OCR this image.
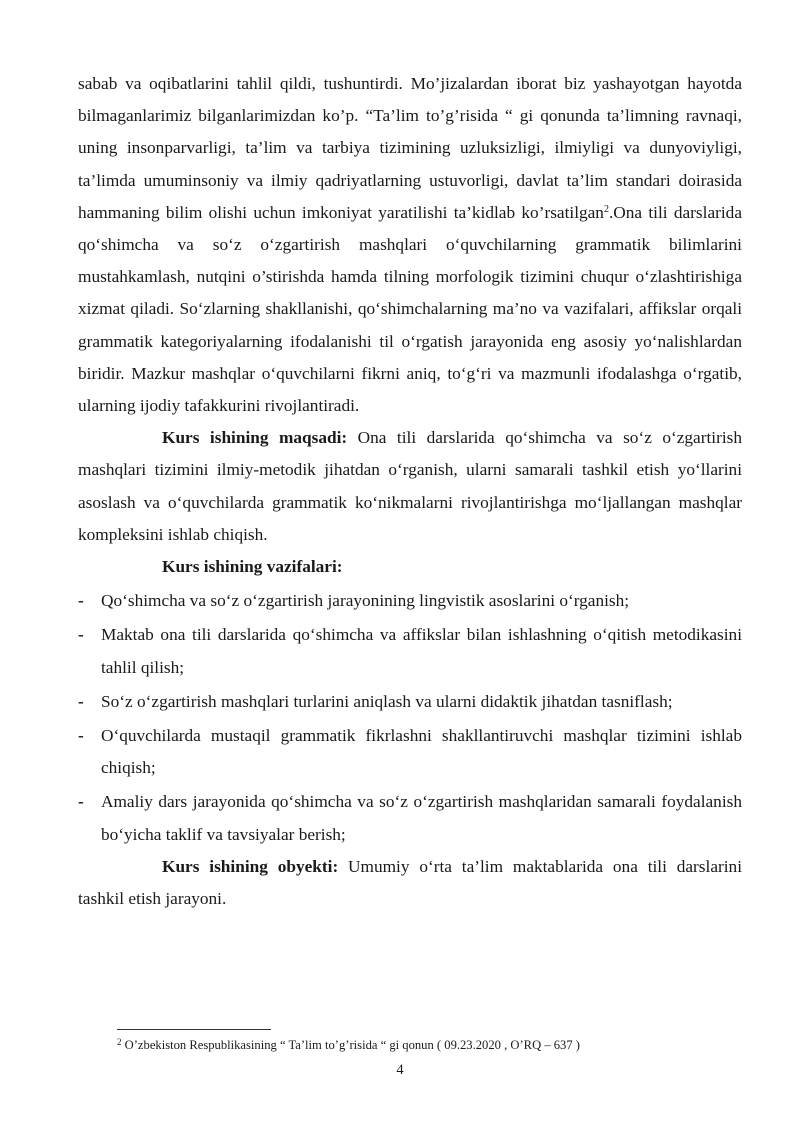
sabab va oqibatlarini tahlil qildi, tushuntirdi. Mo’jizalardan iborat biz yashayotgan hayotda bilmaganlarimiz bilganlarimizdan ko’p. “Ta’lim to’g’risida “ gi qonunda ta’limning ravnaqi, uning insonparvarligi, ta’lim va tarbiya tizimining uzluksizligi, ilmiyligi va dunyoviyligi, ta’limda umuminsoniy va ilmiy qadriyatlarning ustuvorligi, davlat ta’lim standari doirasida hammaning bilim olishi uchun imkoniyat yaratilishi ta’kidlab ko’rsatilgan$^2$.Ona tili darslarida qo‘shimcha va so‘z o‘zgartirish mashqlari o‘quvchilarning grammatik bilimlarini mustahkamlash, nutqini o’stirishda hamda tilning morfologik tizimini chuqur o‘zlashtirishiga xizmat qiladi. So‘zlarning shakllanishi, qo‘shimchalarning ma’no va vazifalari, affikslar orqali grammatik kategoriyalarning ifodalanishi til o‘rgatish jarayonida eng asosiy yo‘nalishlardan biridir. Mazkur mashqlar o‘quvchilarni fikrni aniq, to‘g‘ri va mazmunli ifodalashga o‘rgatib, ularning ijodiy tafakkurini rivojlantiradi.

Kurs ishining maqsadi: Ona tili darslarida qo‘shimcha va so‘z o‘zgartirish mashqlari tizimini ilmiy-metodik jihatdan o‘rganish, ularni samarali tashkil etish yo‘llarini asoslash va o‘quvchilarda grammatik ko‘nikmalarni rivojlantirishga mo‘ljallangan mashqlar kompleksini ishlab chiqish.

Kurs ishining vazifalari:

- Qo‘shimcha va so‘z o‘zgartirish jarayonining lingvistik asoslarini o‘rganish;
- Maktab ona tili darslarida qo‘shimcha va affikslar bilan ishlashning o‘qitish metodikasini tahlil qilish;
- So‘z o‘zgartirish mashqlari turlarini aniqlash va ularni didaktik jihatdan tasniflash;
- O‘quvchilarda mustaqil grammatik fikrlashni shakllantiruvchi mashqlar tizimini ishlab chiqish;
- Amaliy dars jarayonida qo‘shimcha va so‘z o‘zgartirish mashqlaridan samarali foydalanish bo‘yicha taklif va tavsiyalar berish;

Kurs ishining obyekti: Umumiy o‘rta ta’lim maktablarida ona tili darslarini tashkil etish jarayoni.

$^2$ O’zbekiston Respublikasining “ Ta’lim to’g’risida “ gi qonun ( 09.23.2020 , O’RQ – 637 )
4
